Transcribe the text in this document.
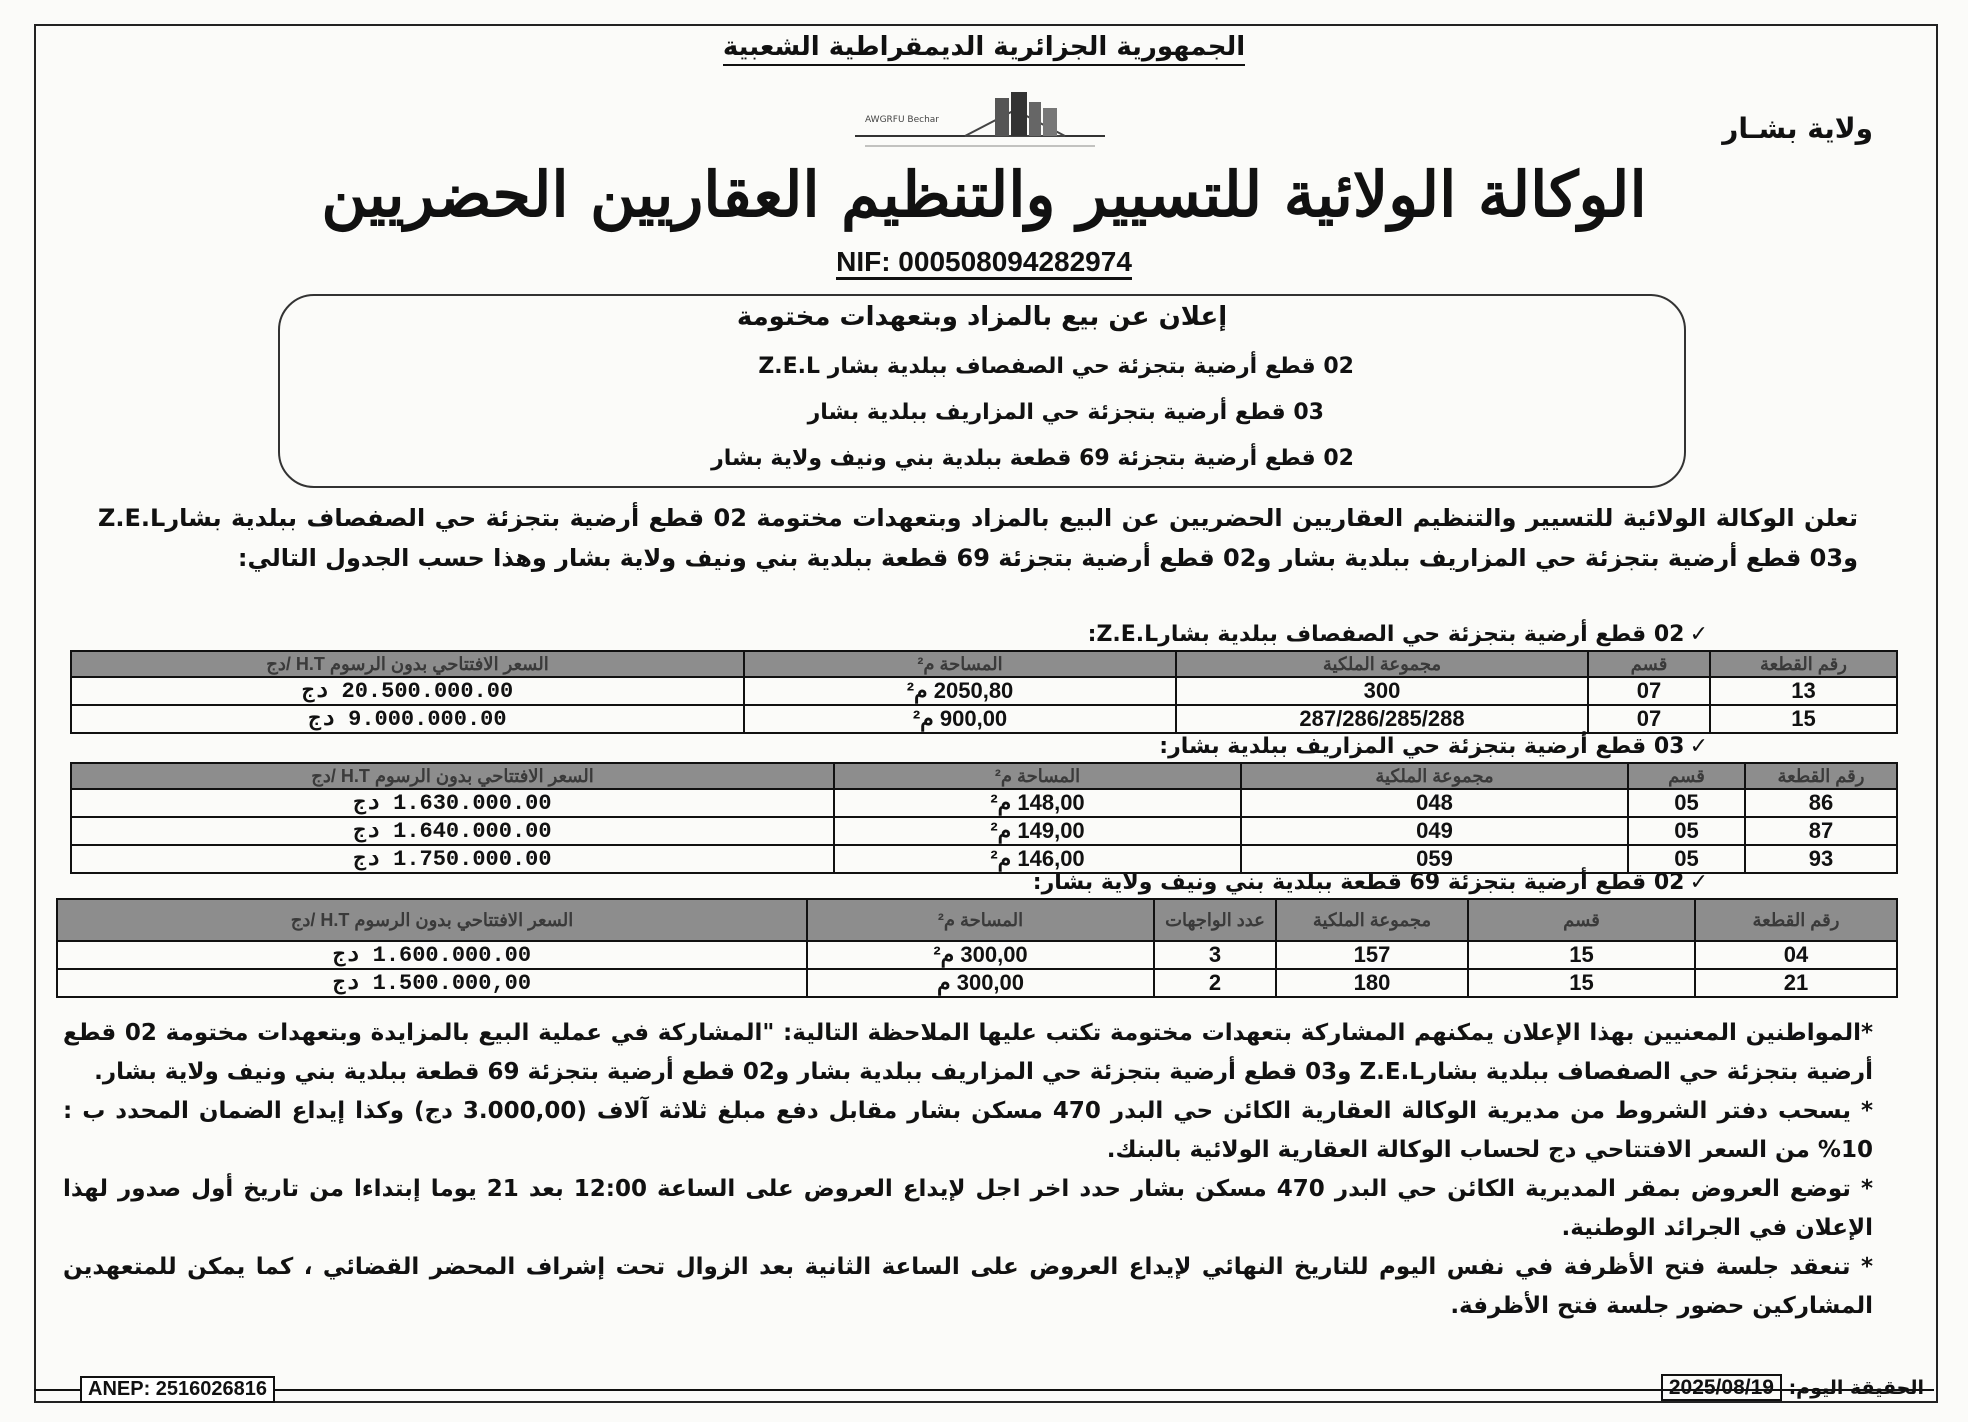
الجمهورية الجزائرية الديمقراطية الشعبية
ولاية بشـار
AWGRFU Bechar
الوكالة الولائية للتسيير والتنظيم العقاريين الحضريين
NIF: 000508094282974
إعلان عن بيع بالمزاد وبتعهدات مختومة
02 قطع أرضية بتجزئة حي الصفصاف ببلدية بشار Z.E.L
03 قطع أرضية بتجزئة حي المزاريف ببلدية بشار
02 قطع أرضية بتجزئة 69 قطعة ببلدية بني ونيف ولاية بشار
تعلن الوكالة الولائية للتسيير والتنظيم العقاريين الحضريين عن البيع بالمزاد وبتعهدات مختومة 02 قطع أرضية بتجزئة حي الصفصاف ببلدية بشارZ.E.L و03 قطع أرضية بتجزئة حي المزاريف ببلدية بشار و02 قطع أرضية بتجزئة 69 قطعة ببلدية بني ونيف ولاية بشار وهذا حسب الجدول التالي:
✓ 02 قطع أرضية بتجزئة حي الصفصاف ببلدية بشارZ.E.L:
رقم القطعة	قسم	مجموعة الملكية	المساحة م²	السعر الافتتاحي بدون الرسوم H.T /دج
13	07	300	2050,80 م²	20.500.000.00 دج
15	07	287/286/285/288	900,00 م²	9.000.000.00 دج
✓ 03 قطع أرضية بتجزئة حي المزاريف ببلدية بشار:
رقم القطعة	قسم	مجموعة الملكية	المساحة م²	السعر الافتتاحي بدون الرسوم H.T /دج
86	05	048	148,00 م²	1.630.000.00 دج
87	05	049	149,00 م²	1.640.000.00 دج
93	05	059	146,00 م²	1.750.000.00 دج
✓ 02 قطع أرضية بتجزئة 69 قطعة ببلدية بني ونيف ولاية بشار:
رقم القطعة	قسم	مجموعة الملكية	عدد الواجهات	المساحة م²	السعر الافتتاحي بدون الرسوم H.T /دج
04	15	157	3	300,00 م²	1.600.000.00 دج
21	15	180	2	300,00 م	1.500.000,00 دج

*المواطنين المعنيين بهذا الإعلان يمكنهم المشاركة بتعهدات مختومة تكتب عليها الملاحظة التالية: "المشاركة في عملية البيع بالمزايدة وبتعهدات مختومة 02 قطع أرضية بتجزئة حي الصفصاف ببلدية بشارZ.E.L و03 قطع أرضية بتجزئة حي المزاريف ببلدية بشار و02 قطع أرضية بتجزئة 69 قطعة ببلدية بني ونيف ولاية بشار.

* يسحب دفتر الشروط من مديرية الوكالة العقارية الكائن حي البدر 470 مسكن بشار مقابل دفع مبلغ ثلاثة آلاف (3.000,00 دج) وكذا إيداع الضمان المحدد ب : 10% من السعر الافتتاحي دج لحساب الوكالة العقارية الولائية بالبنك.

* توضع العروض بمقر المديرية الكائن حي البدر 470 مسكن بشار حدد اخر اجل لإيداع العروض على الساعة 12:00 بعد 21 يوما إبتداءا من تاريخ أول صدور لهذا الإعلان في الجرائد الوطنية.

* تنعقد جلسة فتح الأظرفة في نفس اليوم للتاريخ النهائي لإيداع العروض على الساعة الثانية بعد الزوال تحت إشراف المحضر القضائي ، كما يمكن للمتعهدين المشاركين حضور جلسة فتح الأظرفة.

ANEP: 2516026816	الحقيقة اليوم: 2025/08/19
